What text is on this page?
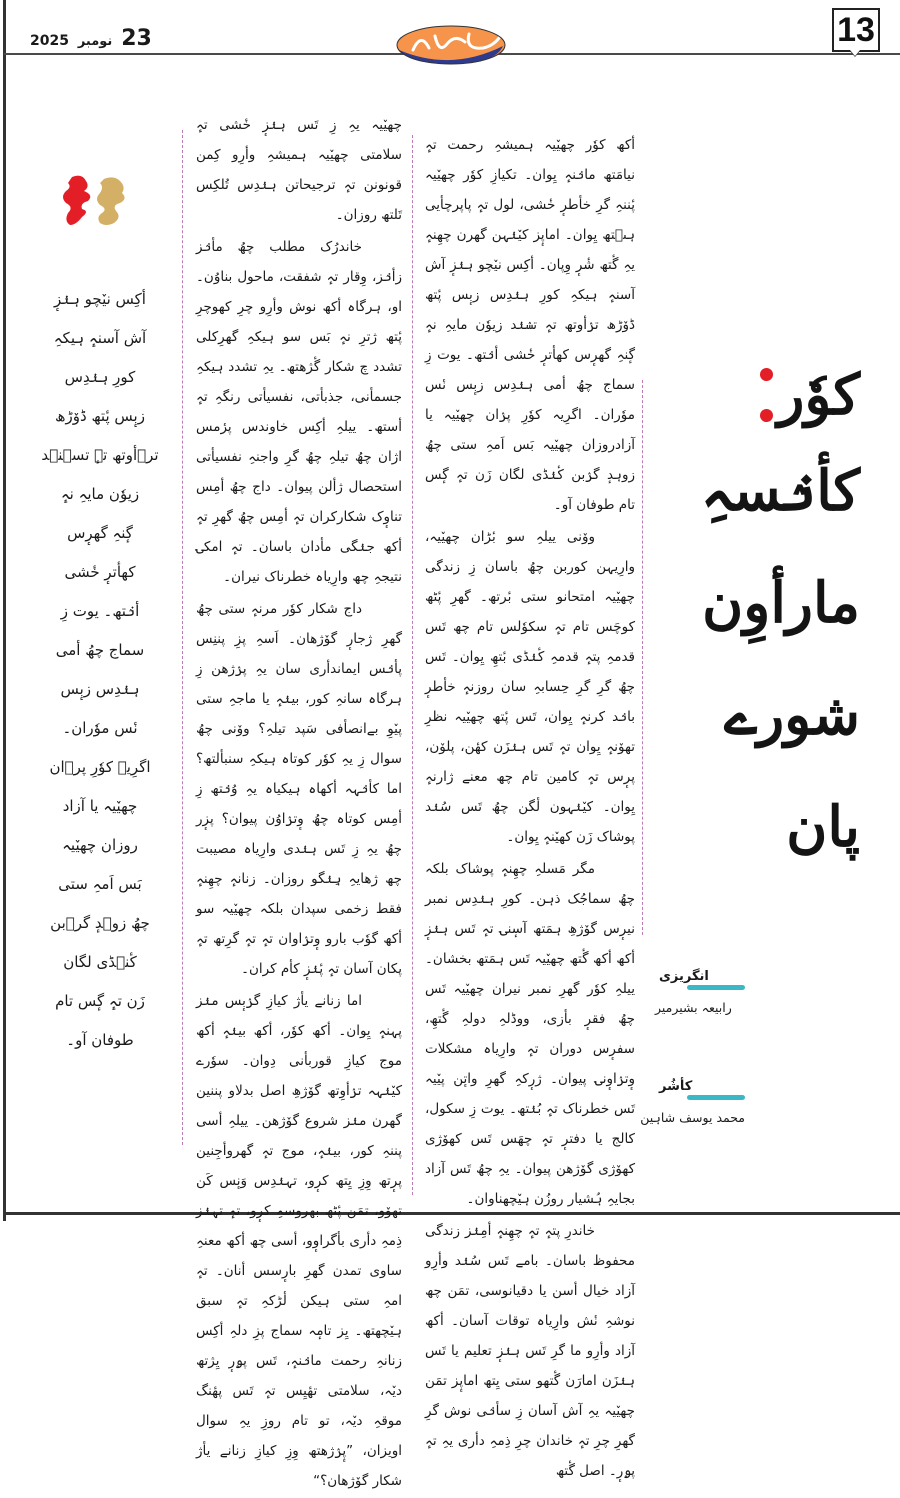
23 نومبر 2025	13
أکِس نیٚچو ہنٛزٕ
آش آسنہٕ ہیکہِ
کورِ ہنٛدِس
زبٕس پٔتھ ڈوٚڑھ
ترٛأوتھ تہٕ تسٛنٛد
زیوٗن مایہِ نہٕ
گٕنہِ گھرٕس
کھأترٕ خٔشی
أنٛتھ۔ یوت زِ
سماج چھُ أمی
ہنٛدِس زبٕس
نٔس موٗران۔
اگرِیہ کوٗرِ پرٛان
چھیٚیہ یا آزاد
روزان چھیٚیہ
بَس اَمہِ ستی
چھُ زوہدٕ گرٛبن
کٔنٛڈی لگان
زَن تہٕ گٕس تام
طوفان آو۔

چھیٚیہ یہِ زِ تَس ہنٛزٕ خٔشی تہٕ سلامتی چھیٚیہ ہمیشہِ وأرِو کِمن قونونن تہٕ ترجیحاتن ہنٛدِس تُلکِس تَلتھ روزان۔

خاندرُک مطلب چھُ مأنٛز زأنٛز، وِقار تہٕ شفقت، ماحول بناوُن۔ او، ہرگاہ أکھ نوش وأرِو چرِ کھوچرِ پٔتھ ژترِ نہٕ بَس سو ہیکہِ گھرِکلی تشدد چ شکار گٔژھتھ۔ یہِ تشدد ہیکہِ جسمأنی، جذبأتی، نفسیأتی رنگہِ تہٕ أستھ۔ ییلہِ أکِس خاوندس پرٔمس اژان چھُ تیلہِ چھُ گرِ واجنہِ نفسیأتی استحصال ژألن پیوان۔ داج چھُ أمِس تناوٕک شکارکران تہٕ أمِس چھُ گھرِ تہٕ أکھ جنٛگی مأدان باسان۔ تہٕ امکۍ نتیجہِ چھ وارِیاہ خطرناک نیران۔

داج شکار کوٗر مرنہٕ ستی چھُ گھرِ ژجارٕ گوٚژھان۔ اَسہِ پزِ پننِس پأنٛس ایماندأری سان یہِ پرٛژھن زِ ہرگاہ سانہِ کور، بینٛہٕ یا ماجہِ ستی پیٚوِ بےانصأفی سَپد تیلہِ؟ ووٚنی چھُ سوال زِ یہِ کوٗر کوتاہ ہیکہِ سنبألتھ؟ اما کأنٛہہ أکھاہ ہیکیاہ یہِ وُنٛتھ زِ أمِس کوتاہ چھُ وٕترٛاوُن پیوان؟ پزٕر چھُ یہِ زِ تَس ہنٛدی وارِیاہ مصیبت چھ ژھایہِ ہِنٛگو روزان۔ زنانہٕ چھِنہٕ فقط زخمی سپدان بلکہ چھیٚیہ سو أکھ گوٗب بارو وٕترٛاوان تہٕ تہٕ گرِتھ تہٕ پکان آسان تہٕ پٔنٛزٕ کأم کران۔

اما زنانے یأژ کیازِ گرٛبٕس منٛز پہنہٕ یِوان۔ أکھ کوٗر، أکھ بینٛہٕ أکھ موج کیازِ قوربأنی دِوان۔ سوٗرے کیٚنٛہہ ترٛأوِتھ گوٚژھِ اصل بدلاو پننین گھرن منٛز شروع گوٚژھن۔ ییلہِ أسی پننہِ کور، بینٛہٕ، موج تہٕ گھروأجِنین پرٕتھ وِزِ یِتھ کرٕو، تہنٛدِس وَنٕس کَن تھوٚو، تمَن پٔٹھ بھروسہِ کرٕو، تہٕ تہنٛز ذِمہِ دأری بأگراوٕو، أسی چھ أکھ معنہِ ساوی تمدن گھرِ بارٕسس أنان۔ تہٕ امہِ ستی ہیکن لٔڑکہِ تہٕ سبق ہیٚچھتھ۔ یِز تامٕہ سماج پزِ دلہِ أکِس زنانہِ رحمت مانٛنہٕ، تَس پۄرٕ یِژتھ دیٚہ، سلامتی تھٔیِس تہٕ تَس پھٔنگ موقہِ دیٚہ، تو تام روزِ یہِ سوال اویزان، ”پٕرٛژھتھ وِزِ کیازِ زنانے یأژ شکار گوٚژھان؟“

أکھ کوٗر چھیٚیہ ہمیشہِ رحمت تہٕ نیامَتھ مانٛنہٕ یِوان۔ تکیازِ کوٗر چھیٚیہ پٔننہِ گرِ خأطرٕ خٔشی، لول تہٕ پاپرچأیی ہٮ۪تھ یِوان۔ اماپٕز کیٚنٛہن گھرن چھِنہٕ یہِ گٔتھ شٔرٕ وِپان۔ أکِس نیٚچو ہنٛزٕ آش آسنہٕ ہیکہِ کورِ ہنٛدِس زبٕس پٔتھ ڈوٚڑھ ترٛأوتھ تہٕ تسٛنٛد زیوٗن مایہِ نہٕ گٕنہِ گھرٕس کھأترٕ خٔشی أنٛتھ۔ یوت زِ سماج چھُ أمی ہنٛدِس زبٕس نٔس موٗران۔ اگرِیہ کوٗرِ پرٛان چھیٚیہ یا آزادروزان چھیٚیہ بَس اَمہِ ستی چھُ زوہدٕ گرٛبن کٔنٛڈی لگان زَن تہٕ گٕس تام طوفان آو۔

ووٚنی ییلہِ سو بٔڑان چھیٚیہ، وارِیہن کوربن چھُ باسان زِ زندگی چھیٚیہ امتحانو ستی بٔرتھ۔ گھرِ پٔٹھ کوچَس تام تہٕ سکوٗلس تام چھ تَس قدمہِ پتہٕ قدمہِ کٔنٛڈی بٔتھِ یِوان۔ تَس چھُ گرِ گرِ حِسابہِ سان روزنہٕ خأطرٕ بانٛد کرنہٕ یِوان، تَس پٔتھ چھیٚیہ نظرِ تھوٚنہٕ یِوان تہٕ تَس ہنٛزَن کھٔن، پلوٚن، پرٕس تہٕ کامین تام چھ معنے ژارنہٕ یِوان۔ کیٚنٛہون لٔگن چھُ تَس سُنٛد پوشاک زَن کھیٚنہٕ یِوان۔

مگر مَسلہِ چھِنہٕ پوشاک بلکہ چھُ سماجُک ذہن۔ کورِ ہنٛدِس نمبر نیرٕس گوٚژھِ ہمَتھ آسٕنۍ تہٕ تَس ہنٛزٕ أکھ أکھ گٔتھ چھیٚیہ تَس ہمَتھ بخشان۔ ییلہِ کوٗر گھرِ نمبر نیران چھیٚیہ تَس چھُ فقرٕ بأزی، ووڈلہِ دولہِ گٔتھِ، سفرٕس دوران تہٕ وارِیاہ مشکلات وٕترٛاوٕنۍ پیوان۔ ژرٕکہِ گھرِ واتٕن پیٚیہ تَس خطرناک تہٕ بُنٛتھ۔ یوت زِ سکول، کالج یا دفترٕ تہٕ چھَس تَس کھوٚژی کھوٚژی گوٚژھن پیوان۔ یہِ چھُ تَس آزاد بجایہِ ہُشیار روزُن ہیٚچھناوان۔

خاندرِ پتہٕ تہٕ چھِنہٕ أمِنٛز زندگی محفوظ باسان۔ بامے تَس سُنٛد وأرِو آزاد خیال أسن یا دقیانوسی، تمَن چھ نوشہِ نٔش وارِیاہ توقات آسان۔ أکھ آزاد وأرِو ما گرِ تَس ہنٛزٕ تعلیم یا تَس ہنٛزَن امارَن گٔتھو ستی یِتھ اماپٕز تمَن چھیٚیہ یہِ آش آسان زِ سأنٛی نوش گرِ گھرِ چرِ تہٕ خاندان چرِ ذِمہِ دأری یہِ تہٕ پۄرٕ۔ اصل گٔتھ

کوٗر
کأنٛسہِ
مارأوِن
شورے
پان
انگریزی
رابیعہ بشیرمیر
کأشُر
محمد یوسف شاہین
